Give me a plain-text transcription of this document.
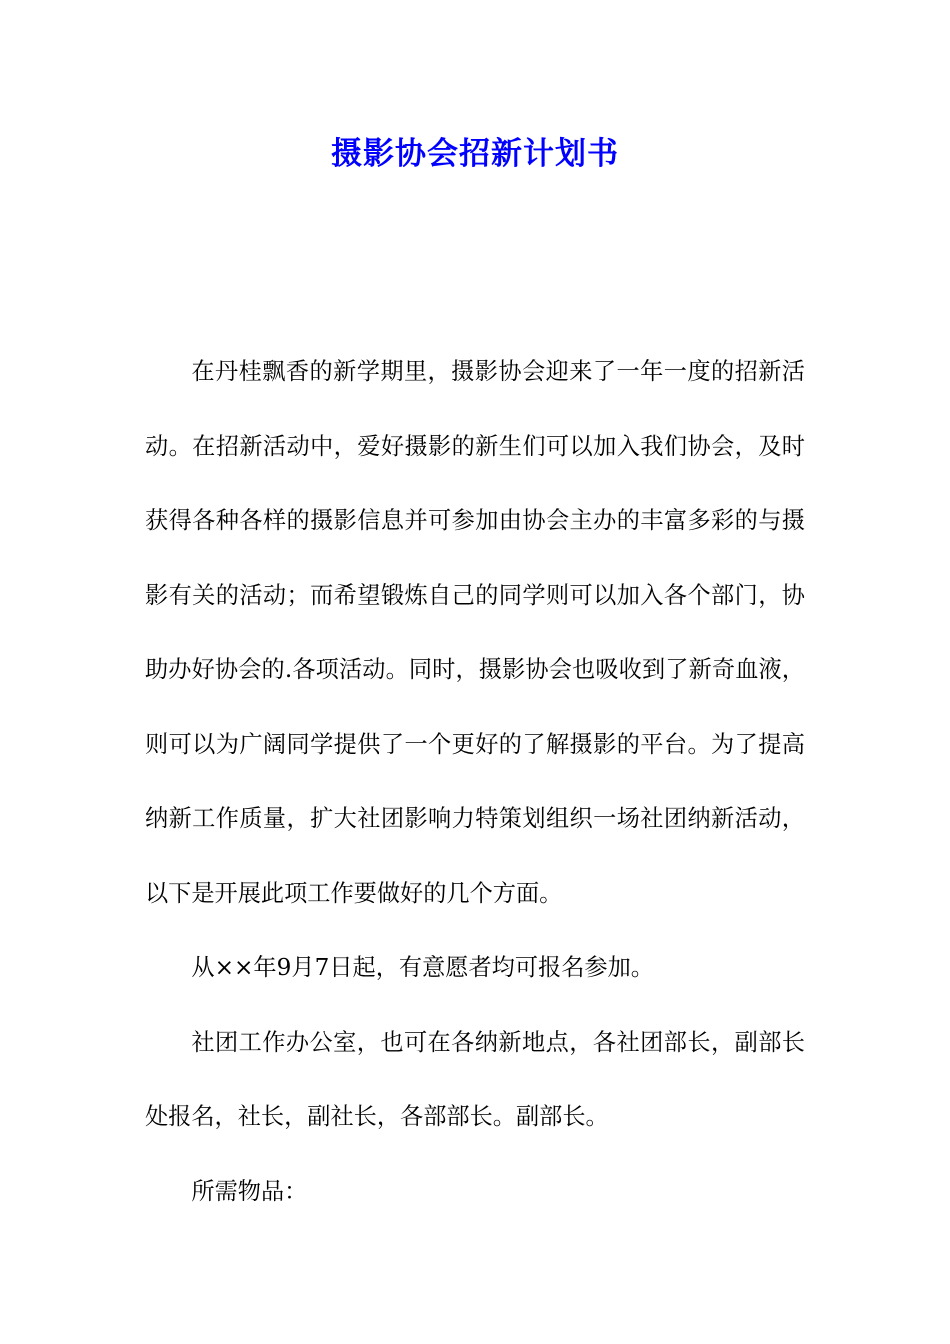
摄影协会招新计划书

在丹桂飘香的新学期里，摄影协会迎来了一年一度的招新活动。在招新活动中，爱好摄影的新生们可以加入我们协会，及时获得各种各样的摄影信息并可参加由协会主办的丰富多彩的与摄影有关的活动；而希望锻炼自己的同学则可以加入各个部门，协助办好协会的.各项活动。同时，摄影协会也吸收到了新奇血液，则可以为广阔同学提供了一个更好的了解摄影的平台。为了提高纳新工作质量，扩大社团影响力特策划组织一场社团纳新活动，以下是开展此项工作要做好的几个方面。

从××年9月7日起，有意愿者均可报名参加。

社团工作办公室，也可在各纳新地点，各社团部长，副部长处报名，社长，副社长，各部部长。副部长。

所需物品：
